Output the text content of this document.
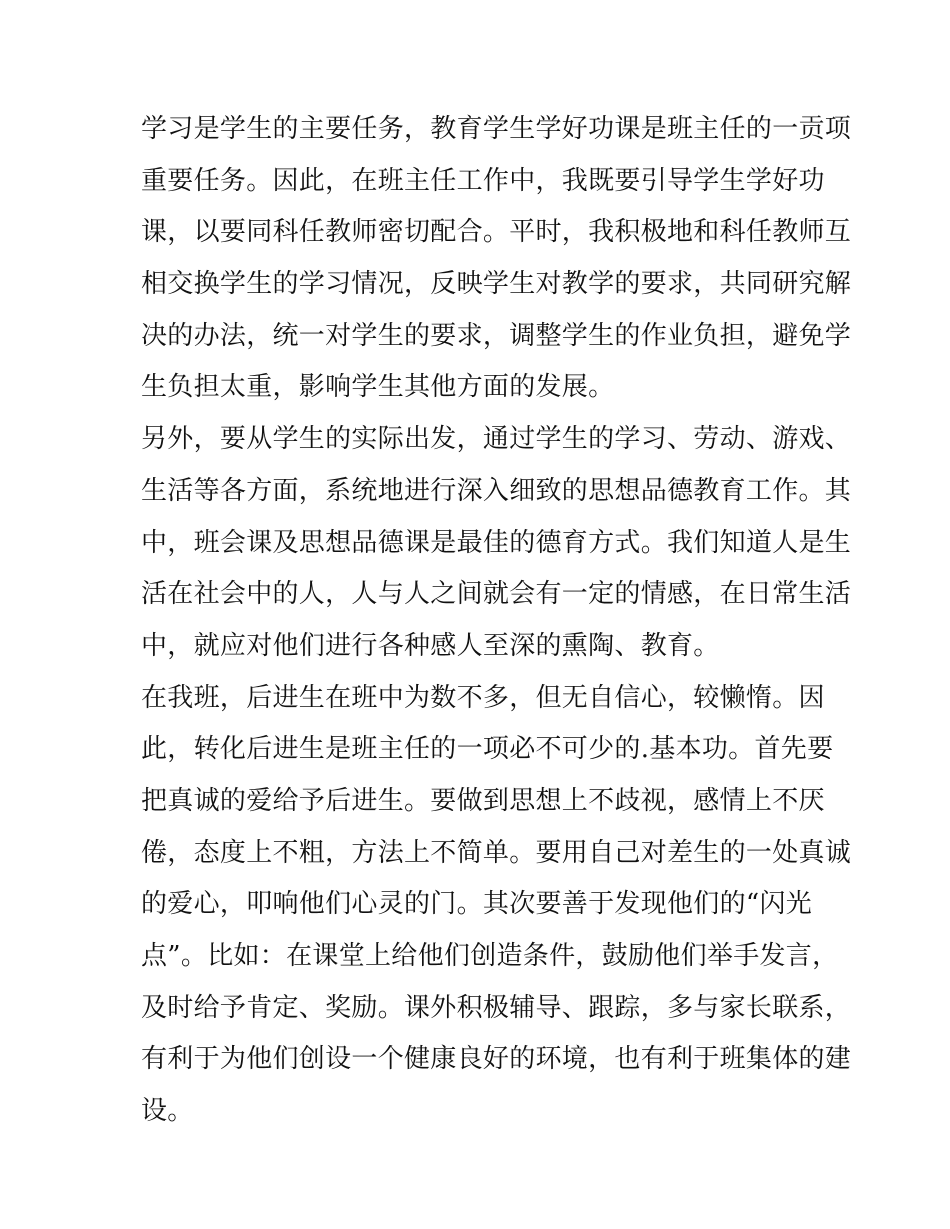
学习是学生的主要任务，教育学生学好功课是班主任的一贡项
重要任务。因此，在班主任工作中，我既要引导学生学好功
课，以要同科任教师密切配合。平时，我积极地和科任教师互
相交换学生的学习情况，反映学生对教学的要求，共同研究解
决的办法，统一对学生的要求，调整学生的作业负担，避免学
生负担太重，影响学生其他方面的发展。
另外，要从学生的实际出发，通过学生的学习、劳动、游戏、
生活等各方面，系统地进行深入细致的思想品德教育工作。其
中，班会课及思想品德课是最佳的德育方式。我们知道人是生
活在社会中的人，人与人之间就会有一定的情感，在日常生活
中，就应对他们进行各种感人至深的熏陶、教育。
在我班，后进生在班中为数不多，但无自信心，较懒惰。因
此，转化后进生是班主任的一项必不可少的.基本功。首先要
把真诚的爱给予后进生。要做到思想上不歧视，感情上不厌
倦，态度上不粗，方法上不简单。要用自己对差生的一处真诚
的爱心，叩响他们心灵的门。其次要善于发现他们的“闪光
点”。比如：在课堂上给他们创造条件，鼓励他们举手发言，
及时给予肯定、奖励。课外积极辅导、跟踪，多与家长联系，
有利于为他们创设一个健康良好的环境，也有利于班集体的建
设。
